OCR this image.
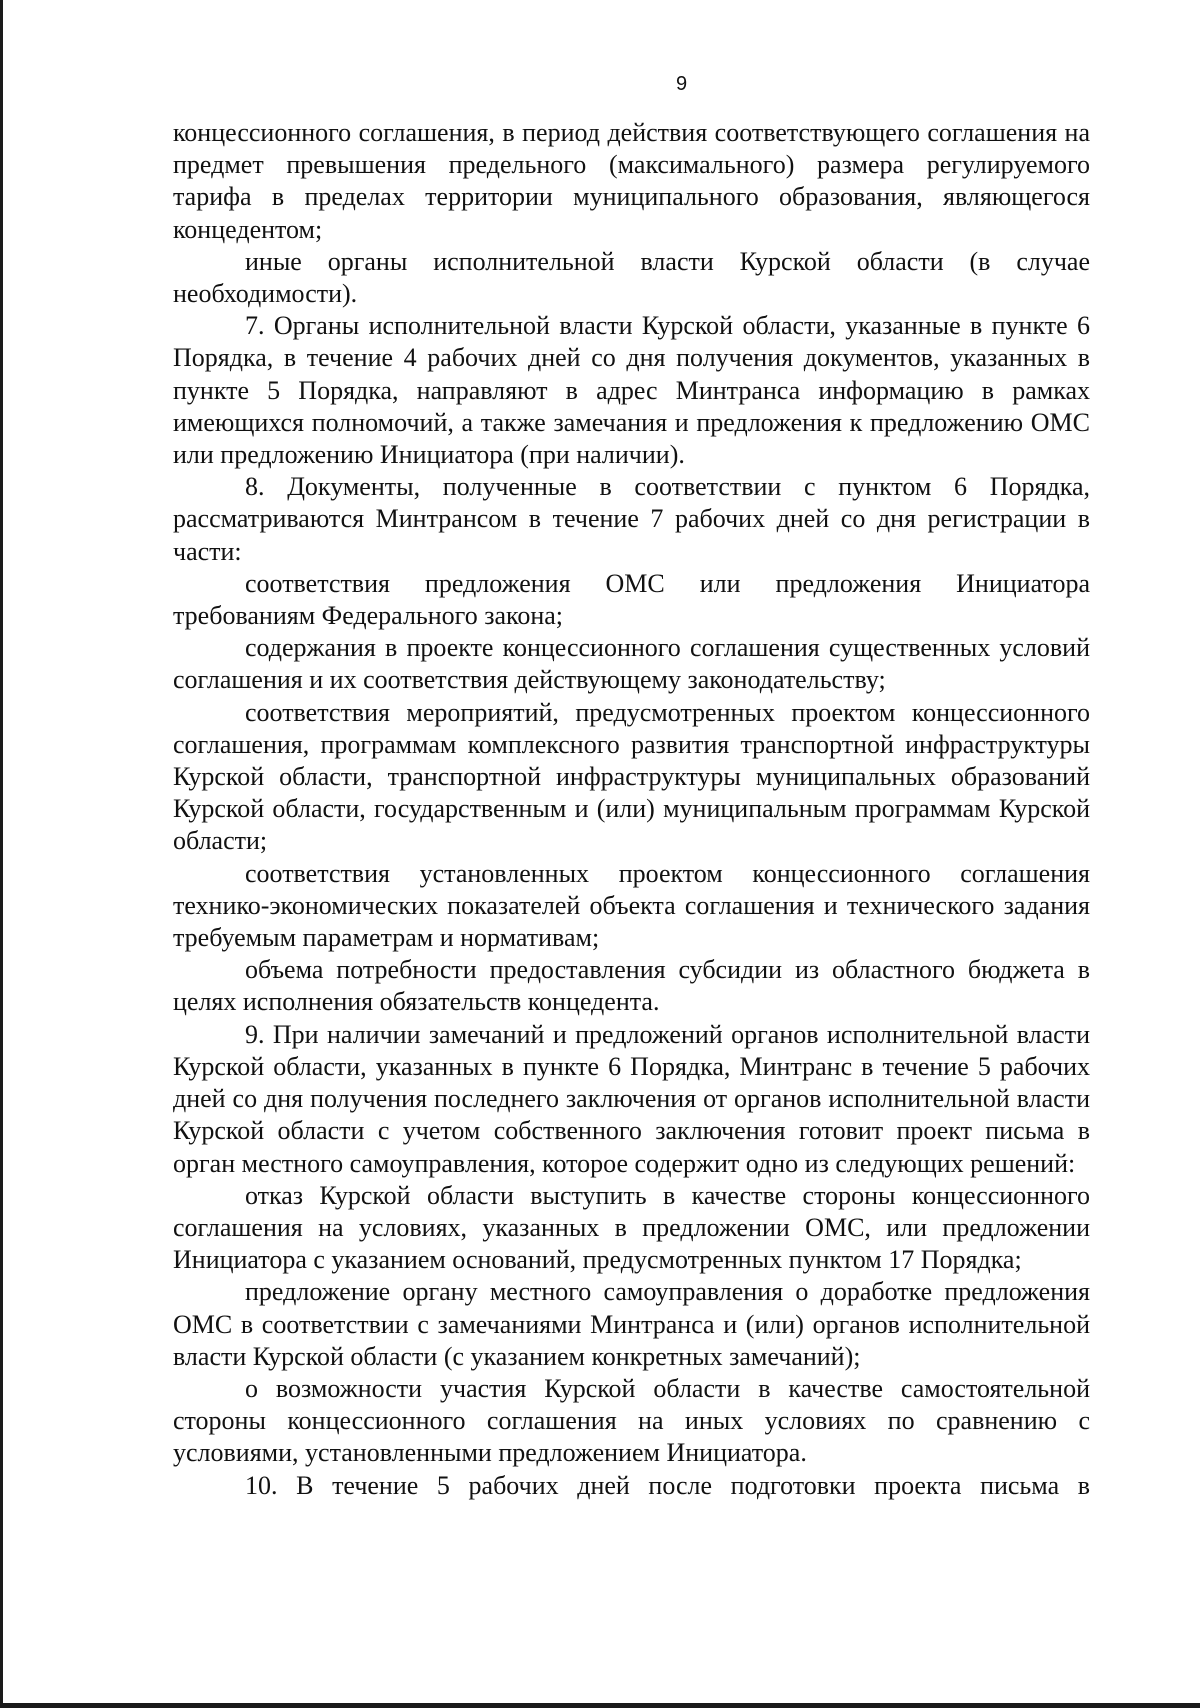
9

концессионного соглашения, в период действия соответствующего соглашения на предмет превышения предельного (максимального) размера регулируемого тарифа в пределах территории муниципального образования, являющегося концедентом;

иные органы исполнительной власти Курской области (в случае необходимости).

7. Органы исполнительной власти Курской области, указанные в пункте 6 Порядка, в течение 4 рабочих дней со дня получения документов, указанных в пункте 5 Порядка, направляют в адрес Минтранса информацию в рамках имеющихся полномочий, а также замечания и предложения к предложению ОМС или предложению Инициатора (при наличии).

8. Документы, полученные в соответствии с пунктом 6 Порядка, рассматриваются Минтрансом в течение 7 рабочих дней со дня регистрации в части:

соответствия предложения ОМС или предложения Инициатора требованиям Федерального закона;

содержания в проекте концессионного соглашения существенных условий соглашения и их соответствия действующему законодательству;

соответствия мероприятий, предусмотренных проектом концессионного соглашения, программам комплексного развития транспортной инфраструктуры Курской области, транспортной инфраструктуры муниципальных образований Курской области, государственным и (или) муниципальным программам Курской области;

соответствия установленных проектом концессионного соглашения технико-экономических показателей объекта соглашения и технического задания требуемым параметрам и нормативам;

объема потребности предоставления субсидии из областного бюджета в целях исполнения обязательств концедента.

9. При наличии замечаний и предложений органов исполнительной власти Курской области, указанных в пункте 6 Порядка, Минтранс в течение 5 рабочих дней со дня получения последнего заключения от органов исполнительной власти Курской области с учетом собственного заключения готовит проект письма в орган местного самоуправления, которое содержит одно из следующих решений:

отказ Курской области выступить в качестве стороны концессионного соглашения на условиях, указанных в предложении ОМС, или предложении Инициатора с указанием оснований, предусмотренных пунктом 17 Порядка;

предложение органу местного самоуправления о доработке предложения ОМС в соответствии с замечаниями Минтранса и (или) органов исполнительной власти Курской области (с указанием конкретных замечаний);

о возможности участия Курской области в качестве самостоятельной стороны концессионного соглашения на иных условиях по сравнению с условиями, установленными предложением Инициатора.

10. В течение 5 рабочих дней после подготовки проекта письма в
